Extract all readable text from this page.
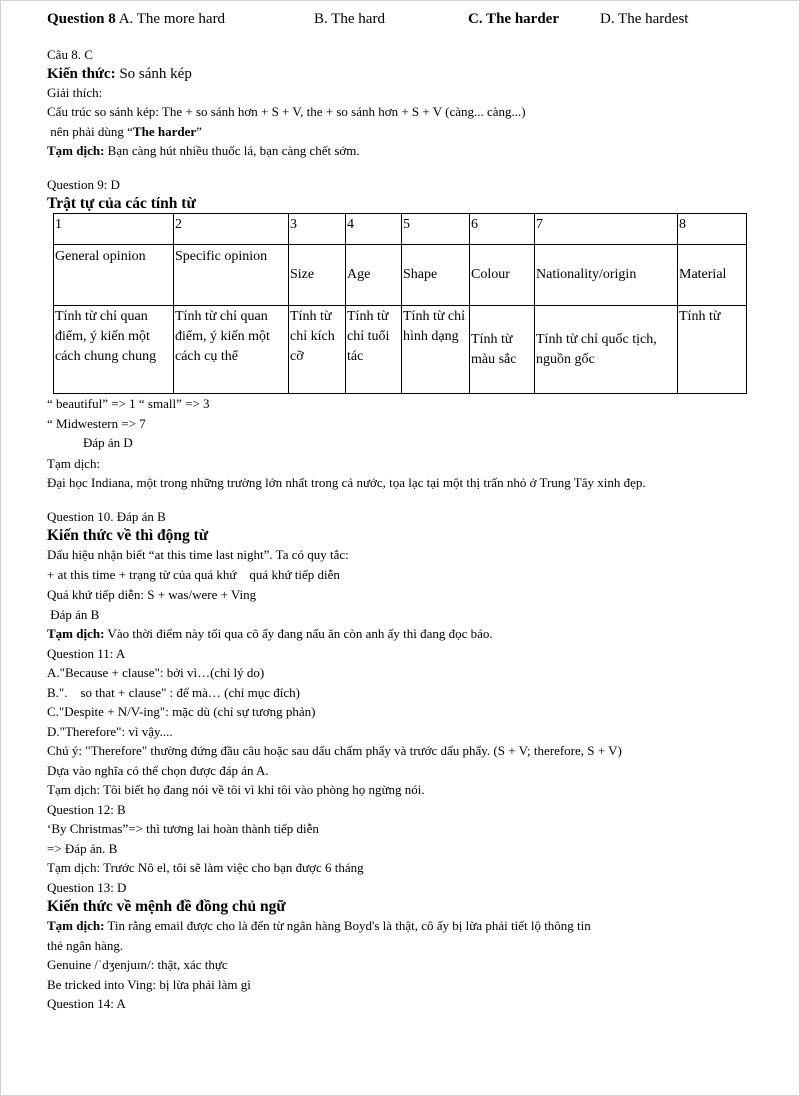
Question 8 A. The more hard	B. The hard	C. The harder	D. The hardest
Câu 8. C
Kiến thức: So sánh kép
Giải thích:
Cấu trúc so sánh kép: The + so sánh hơn + S + V, the + so sánh hơn + S + V (càng... càng...)
nên phải dùng “The harder”
Tạm dịch: Bạn càng hút nhiều thuốc lá, bạn càng chết sớm.
Question 9: D
Trật tự của các tính từ
1	2	3	4	5	6	7	8
General opinion	Specific opinion	Size	Age	Shape	Colour	Nationality/origin	Material
Tính từ chỉ quan điểm, ý kiến một cách chung chung	Tính từ chỉ quan điểm, ý kiến một cách cụ thể	Tính từ chỉ kích cỡ	Tính từ chỉ tuổi tác	Tính từ chỉ hình dạng	Tính từ màu sắc	Tính từ chỉ quốc tịch, nguồn gốc	Tính từ
“ beautiful” => 1 “ small” => 3
“ Midwestern => 7
Đáp án D
Tạm dịch:
Đại học Indiana, một trong những trường lớn nhất trong cả nước, tọa lạc tại một thị trấn nhỏ ở Trung Tây xinh đẹp.
Question 10. Đáp án B
Kiến thức về thì động từ
Dấu hiệu nhận biết “at this time last night”. Ta có quy tắc:
+ at this time + trạng từ của quá khứ    quá khứ tiếp diễn
Quá khứ tiếp diễn: S + was/were + Ving
Đáp án B
Tạm dịch: Vào thời điểm này tối qua cô ấy đang nấu ăn còn anh ấy thì đang đọc báo.
Question 11: A
A."Because + clause": bởi vì…(chỉ lý do)
B.".    so that + clause" : để mà… (chỉ mục đích)
C."Despite + N/V-ing": mặc dù (chỉ sự tương phản)
D."Therefore": vì vậy....
Chú ý: "Therefore" thường đứng đầu câu hoặc sau dấu chấm phẩy và trước dấu phẩy. (S + V; therefore, S + V)
Dựa vào nghĩa có thể chọn được đáp án A.
Tạm dịch: Tôi biết họ đang nói về tôi vì khi tôi vào phòng họ ngừng nói.
Question 12: B
‘By Christmas”=> thì tương lai hoàn thành tiếp diễn
=> Đáp án. B
Tạm dịch: Trước Nô el, tôi sẽ làm việc cho bạn được 6 tháng
Question 13: D
Kiến thức về mệnh đề đồng chủ ngữ
Tạm dịch: Tin rằng email được cho là đến từ ngân hàng Boyd's là thật, cô ấy bị lừa phải tiết lộ thông tin
thẻ ngân hàng.
Genuine /ˈdʒenjuɪn/: thật, xác thực
Be tricked into Ving: bị lừa phải làm gì
Question 14: A
